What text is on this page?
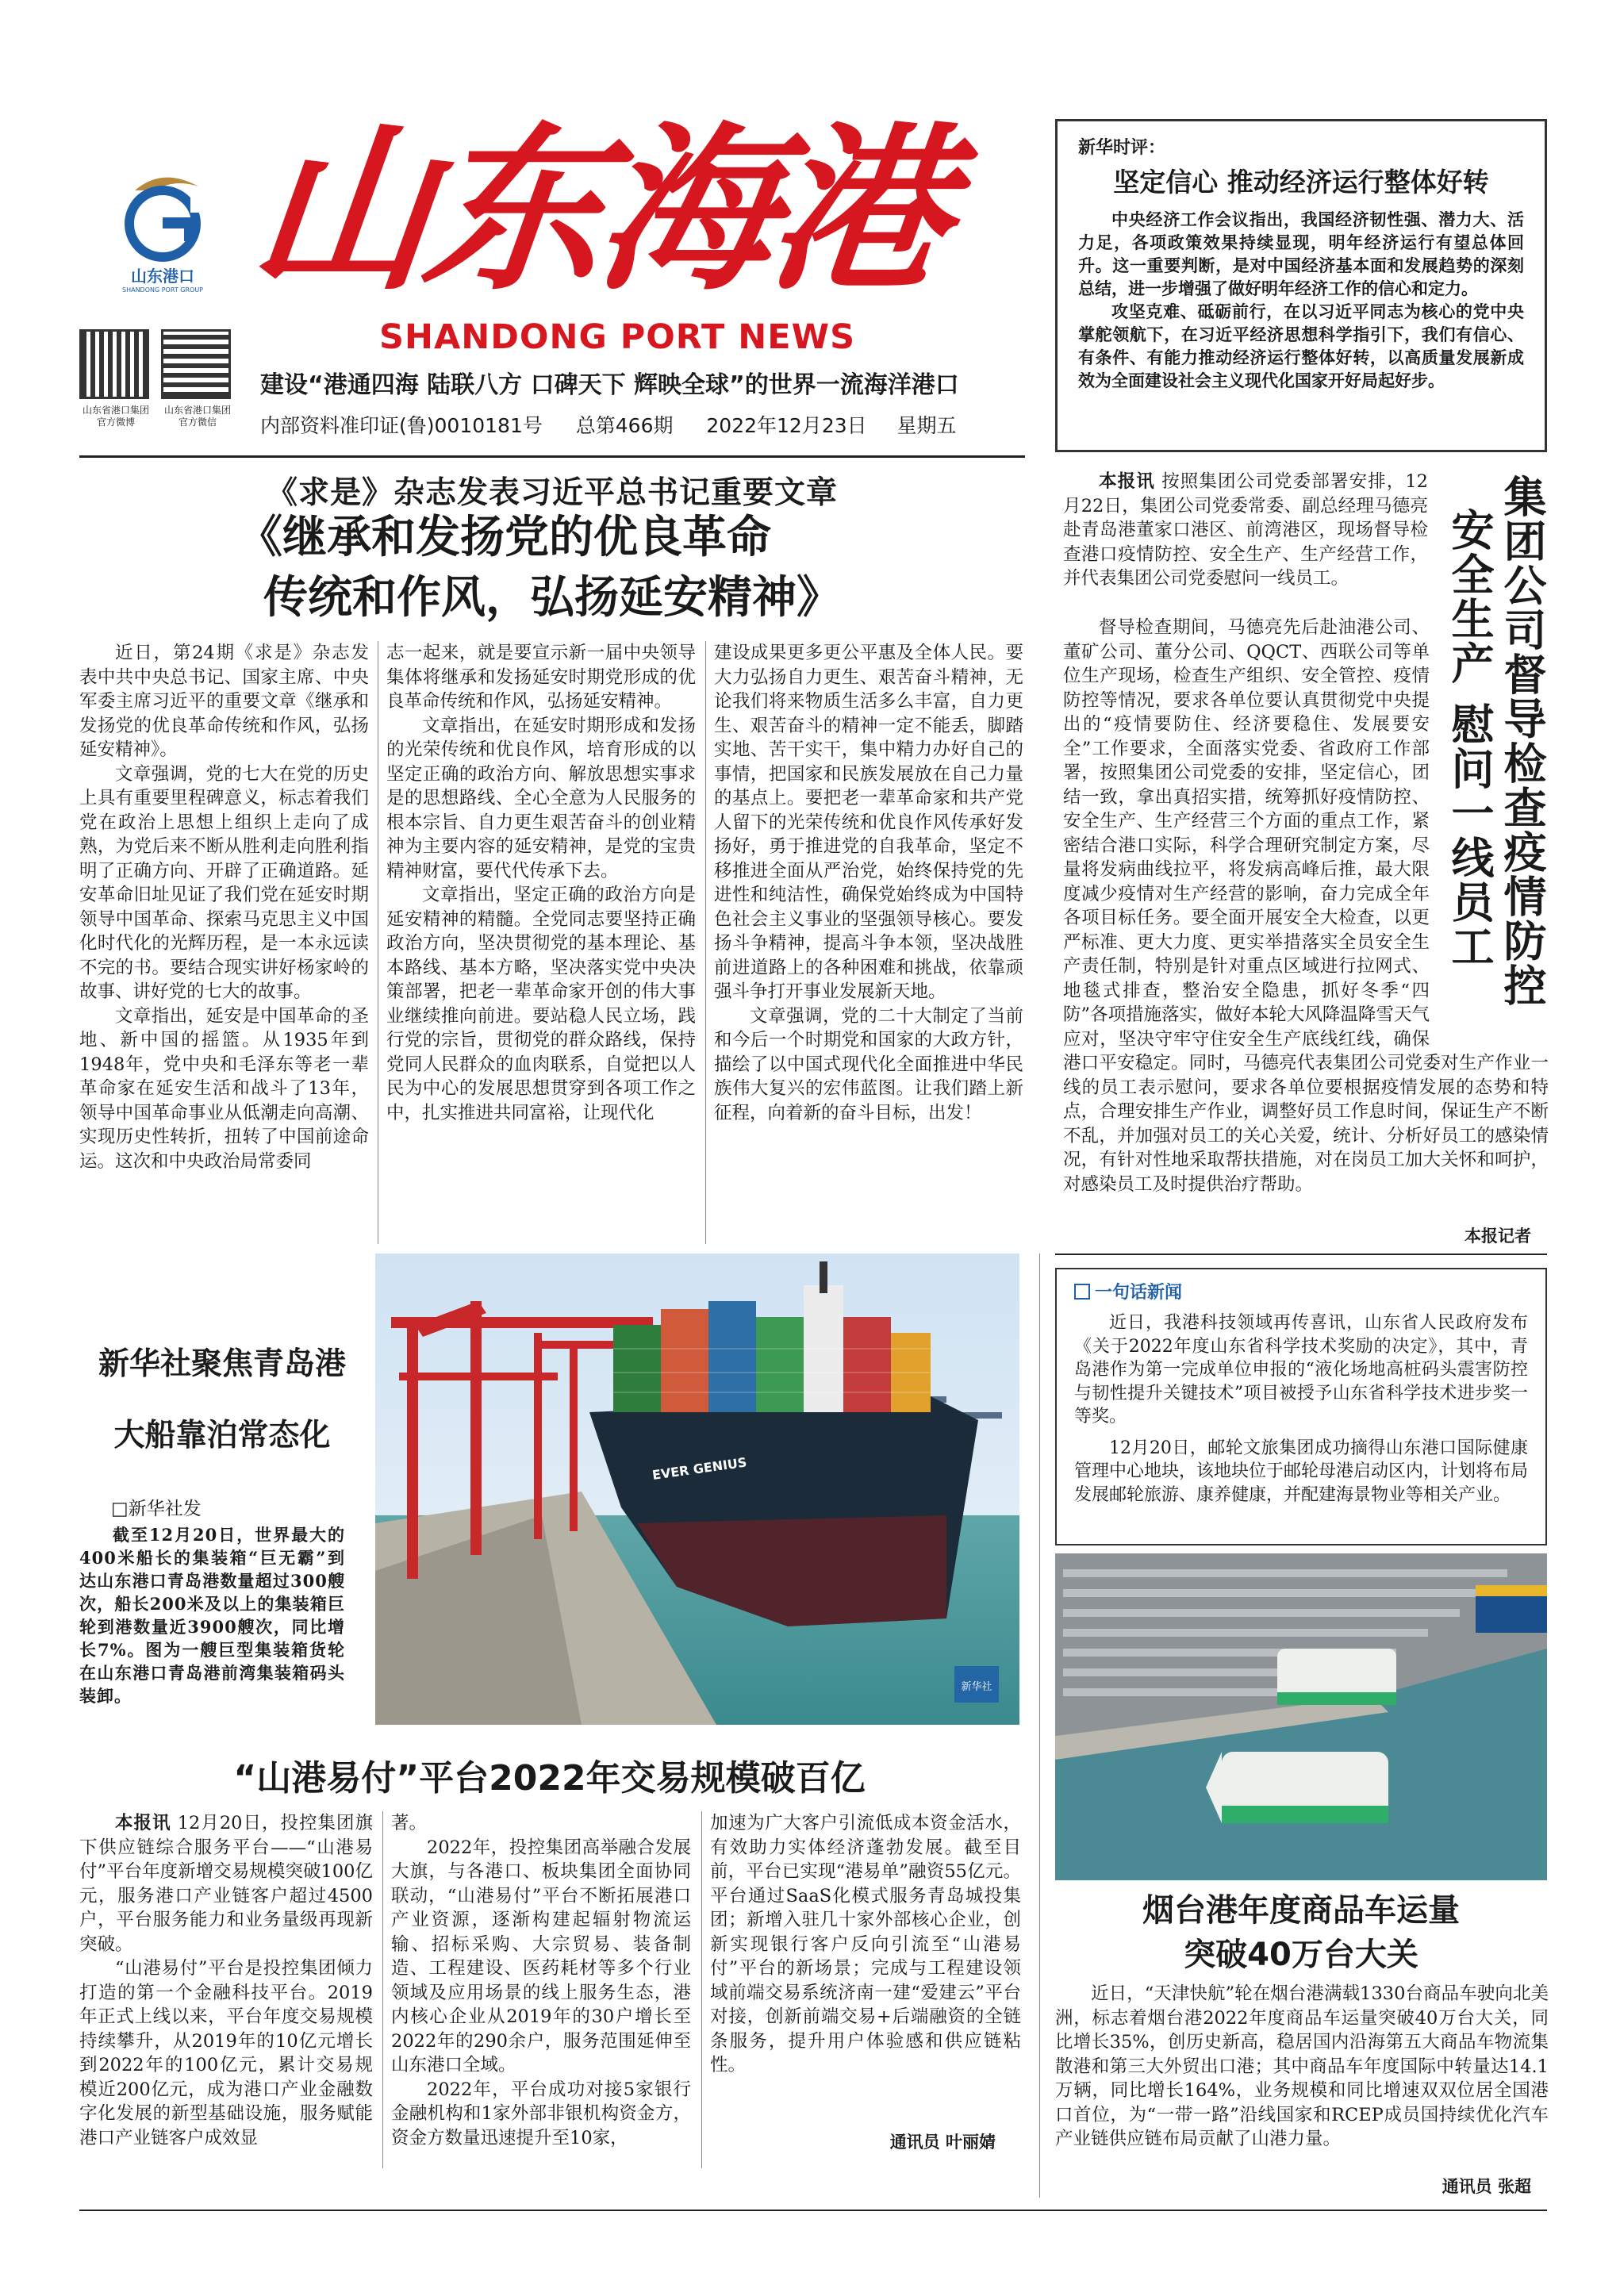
山东港口
SHANDONG PORT GROUP 山东海港
SHANDONG PORT NEWS
山东省港口集团官方微博
山东省港口集团官方微信
建设“港通四海 陆联八方 口碑天下 辉映全球”的世界一流海洋港口
内部资料准印证(鲁)0010181号 总第466期 2022年12月23日 星期五
新华时评：
坚定信心 推动经济运行整体好转

中央经济工作会议指出，我国经济韧性强、潜力大、活力足，各项政策效果持续显现，明年经济运行有望总体回升。这一重要判断，是对中国经济基本面和发展趋势的深刻总结，进一步增强了做好明年经济工作的信心和定力。

攻坚克难、砥砺前行，在以习近平同志为核心的党中央掌舵领航下，在习近平经济思想科学指引下，我们有信心、有条件、有能力推动经济运行整体好转，以高质量发展新成效为全面建设社会主义现代化国家开好局起好步。

《求是》杂志发表习近平总书记重要文章
《继承和发扬党的优良革命
传统和作风，弘扬延安精神》

近日，第24期《求是》杂志发表中共中央总书记、国家主席、中央军委主席习近平的重要文章《继承和发扬党的优良革命传统和作风，弘扬延安精神》。

文章强调，党的七大在党的历史上具有重要里程碑意义，标志着我们党在政治上思想上组织上走向了成熟，为党后来不断从胜利走向胜利指明了正确方向、开辟了正确道路。延安革命旧址见证了我们党在延安时期领导中国革命、探索马克思主义中国化时代化的光辉历程，是一本永远读不完的书。要结合现实讲好杨家岭的故事、讲好党的七大的故事。

文章指出，延安是中国革命的圣地、新中国的摇篮。从1935年到1948年，党中央和毛泽东等老一辈革命家在延安生活和战斗了13年，领导中国革命事业从低潮走向高潮、实现历史性转折，扭转了中国前途命运。这次和中央政治局常委同

志一起来，就是要宣示新一届中央领导集体将继承和发扬延安时期党形成的优良革命传统和作风，弘扬延安精神。

文章指出，在延安时期形成和发扬的光荣传统和优良作风，培育形成的以坚定正确的政治方向、解放思想实事求是的思想路线、全心全意为人民服务的根本宗旨、自力更生艰苦奋斗的创业精神为主要内容的延安精神，是党的宝贵精神财富，要代代传承下去。

文章指出，坚定正确的政治方向是延安精神的精髓。全党同志要坚持正确政治方向，坚决贯彻党的基本理论、基本路线、基本方略，坚决落实党中央决策部署，把老一辈革命家开创的伟大事业继续推向前进。要站稳人民立场，践行党的宗旨，贯彻党的群众路线，保持党同人民群众的血肉联系，自觉把以人民为中心的发展思想贯穿到各项工作之中，扎实推进共同富裕，让现代化

建设成果更多更公平惠及全体人民。要大力弘扬自力更生、艰苦奋斗精神，无论我们将来物质生活多么丰富，自力更生、艰苦奋斗的精神一定不能丢，脚踏实地、苦干实干，集中精力办好自己的事情，把国家和民族发展放在自己力量的基点上。要把老一辈革命家和共产党人留下的光荣传统和优良作风传承好发扬好，勇于推进党的自我革命，坚定不移推进全面从严治党，始终保持党的先进性和纯洁性，确保党始终成为中国特色社会主义事业的坚强领导核心。要发扬斗争精神，提高斗争本领，坚决战胜前进道路上的各种困难和挑战，依靠顽强斗争打开事业发展新天地。

文章强调，党的二十大制定了当前和今后一个时期党和国家的大政方针，描绘了以中国式现代化全面推进中华民族伟大复兴的宏伟蓝图。让我们踏上新征程，向着新的奋斗目标，出发！

集团公司督导检查疫情防控
安全生产 慰问一线员工

本报讯 按照集团公司党委部署安排，12月22日，集团公司党委常委、副总经理马德亮赴青岛港董家口港区、前湾港区，现场督导检查港口疫情防控、安全生产、生产经营工作，并代表集团公司党委慰问一线员工。

督导检查期间，马德亮先后赴油港公司、董矿公司、董分公司、QQCT、西联公司等单位生产现场，检查生产组织、安全管控、疫情防控等情况，要求各单位要认真贯彻党中央提出的“疫情要防住、经济要稳住、发展要安全”工作要求，全面落实党委、省政府工作部署，按照集团公司党委的安排，坚定信心，团结一致，拿出真招实措，统筹抓好疫情防控、安全生产、生产经营三个方面的重点工作，紧密结合港口实际，科学合理研究制定方案，尽量将发病曲线拉平，将发病高峰后推，最大限度减少疫情对生产经营的影响，奋力完成全年各项目标任务。要全面开展安全大检查，以更严标准、更大力度、更实举措落实全员安全生产责任制，特别是针对重点区域进行拉网式、地毯式排查，整治安全隐患，抓好冬季“四防”各项措施落实，做好本轮大风降温降雪天气应对，坚决守牢守住安全生产底线红线，确保港口平安稳定。同时，马德亮代表集团公司党委对生产作业一线的员工表示慰问，要求各单位要根据疫情发展的态势和特点，合理安排生产作业，调整好员工作息时间，保证生产不断不乱，并加强对员工的关心关爱，统计、分析好员工的感染情况，有针对性地采取帮扶措施，对在岗员工加大关怀和呵护，对感染员工及时提供治疗帮助。

本报记者
一句话新闻

近日，我港科技领域再传喜讯，山东省人民政府发布《关于2022年度山东省科学技术奖励的决定》，其中，青岛港作为第一完成单位申报的“液化场地高桩码头震害防控与韧性提升关键技术”项目被授予山东省科学技术进步奖一等奖。

12月20日，邮轮文旅集团成功摘得山东港口国际健康管理中心地块，该地块位于邮轮母港启动区内，计划将布局发展邮轮旅游、康养健康，并配建海景物业等相关产业。

新华社聚焦青岛港
大船靠泊常态化
□新华社发
截至12月20日，世界最大的400米船长的集装箱“巨无霸”到达山东港口青岛港数量超过300艘次，船长200米及以上的集装箱巨轮到港数量近3900艘次，同比增长7%。图为一艘巨型集装箱货轮在山东港口青岛港前湾集装箱码头装卸。
EVER GENIUS
新华社
“山港易付”平台2022年交易规模破百亿

本报讯 12月20日，投控集团旗下供应链综合服务平台——“山港易付”平台年度新增交易规模突破100亿元，服务港口产业链客户超过4500户，平台服务能力和业务量级再现新突破。

“山港易付”平台是投控集团倾力打造的第一个金融科技平台。2019年正式上线以来，平台年度交易规模持续攀升，从2019年的10亿元增长到2022年的100亿元，累计交易规模近200亿元，成为港口产业金融数字化发展的新型基础设施，服务赋能港口产业链客户成效显

著。

2022年，投控集团高举融合发展大旗，与各港口、板块集团全面协同联动，“山港易付”平台不断拓展港口产业资源，逐渐构建起辐射物流运输、招标采购、大宗贸易、装备制造、工程建设、医药耗材等多个行业领域及应用场景的线上服务生态，港内核心企业从2019年的30户增长至2022年的290余户，服务范围延伸至山东港口全域。

2022年，平台成功对接5家银行金融机构和1家外部非银机构资金方，资金方数量迅速提升至10家，

加速为广大客户引流低成本资金活水，有效助力实体经济蓬勃发展。截至目前，平台已实现“港易单”融资55亿元。平台通过SaaS化模式服务青岛城投集团；新增入驻几十家外部核心企业，创新实现银行客户反向引流至“山港易付”平台的新场景；完成与工程建设领域前端交易系统济南一建“爱建云”平台对接，创新前端交易+后端融资的全链条服务，提升用户体验感和供应链粘性。

通讯员 叶丽婧
烟台港年度商品车运量
突破40万台大关

近日，“天津快航”轮在烟台港满载1330台商品车驶向北美洲，标志着烟台港2022年度商品车运量突破40万台大关，同比增长35%，创历史新高，稳居国内沿海第五大商品车物流集散港和第三大外贸出口港；其中商品车年度国际中转量达14.1万辆，同比增长164%，业务规模和同比增速双双位居全国港口首位，为“一带一路”沿线国家和RCEP成员国持续优化汽车产业链供应链布局贡献了山港力量。

通讯员 张超
